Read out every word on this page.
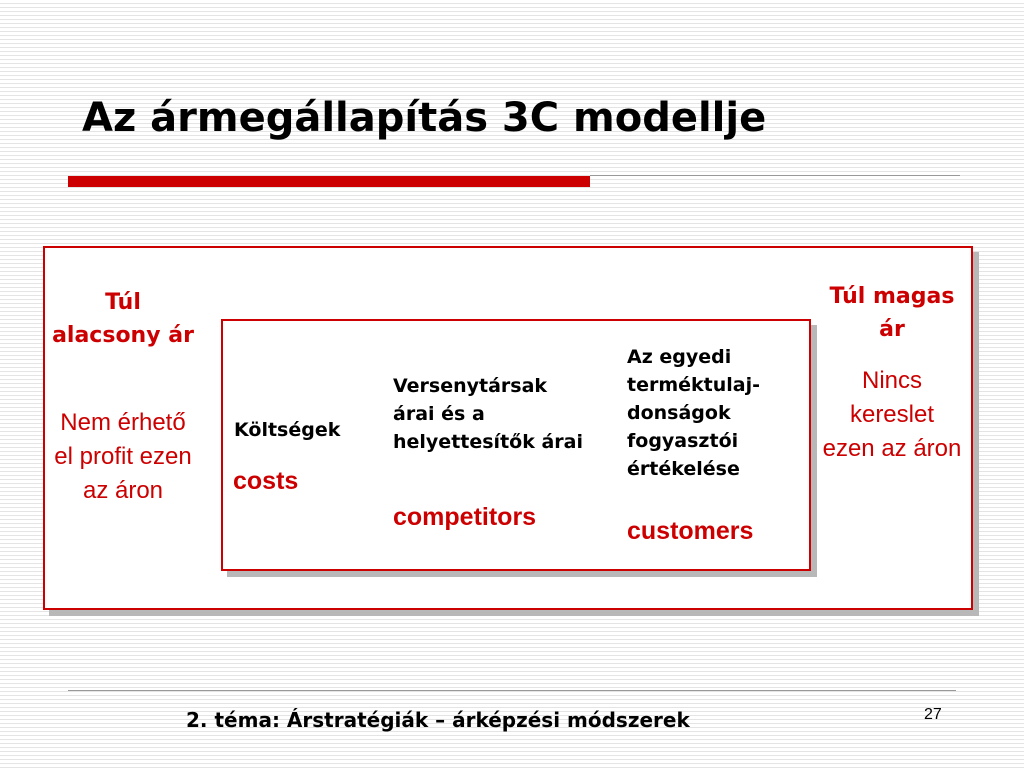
Az ármegállapítás 3C modellje
Túl alacsony ár
Nem érhető el profit ezen az áron
Túl magas ár
Nincs kereslet ezen az áron
Költségek
costs
Versenytársak árai és a helyettesítők árai
competitors
Az egyedi terméktulaj-donságok fogyasztói értékelése
customers

2. téma: Árstratégiák – árképzési módszerek	27
